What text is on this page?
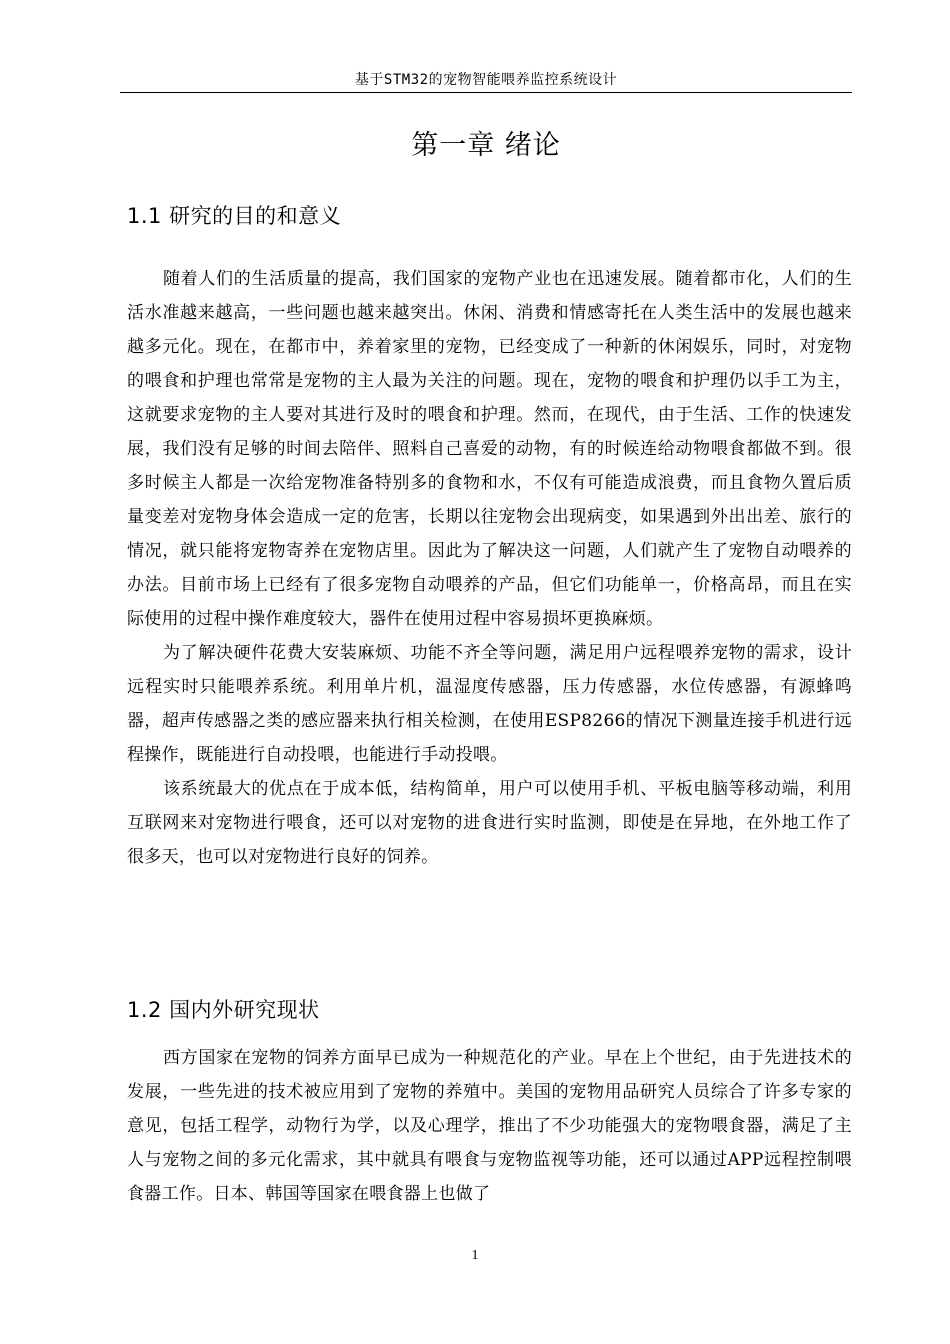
基于STM32的宠物智能喂养监控系统设计
第一章 绪论
1.1 研究的目的和意义

随着人们的生活质量的提高，我们国家的宠物产业也在迅速发展。随着都市化，人们的生活水准越来越高，一些问题也越来越突出。休闲、消费和情感寄托在人类生活中的发展也越来越多元化。现在，在都市中，养着家里的宠物，已经变成了一种新的休闲娱乐，同时，对宠物的喂食和护理也常常是宠物的主人最为关注的问题。现在，宠物的喂食和护理仍以手工为主，这就要求宠物的主人要对其进行及时的喂食和护理。然而，在现代，由于生活、工作的快速发展，我们没有足够的时间去陪伴、照料自己喜爱的动物，有的时候连给动物喂食都做不到。很多时候主人都是一次给宠物准备特别多的食物和水，不仅有可能造成浪费，而且食物久置后质量变差对宠物身体会造成一定的危害，长期以往宠物会出现病变，如果遇到外出出差、旅行的情况，就只能将宠物寄养在宠物店里。因此为了解决这一问题，人们就产生了宠物自动喂养的办法。目前市场上已经有了很多宠物自动喂养的产品，但它们功能单一，价格高昂，而且在实际使用的过程中操作难度较大，器件在使用过程中容易损坏更换麻烦。

为了解决硬件花费大安装麻烦、功能不齐全等问题，满足用户远程喂养宠物的需求，设计远程实时只能喂养系统。利用单片机，温湿度传感器，压力传感器，水位传感器，有源蜂鸣器，超声传感器之类的感应器来执行相关检测，在使用ESP8266的情况下测量连接手机进行远程操作，既能进行自动投喂，也能进行手动投喂。

该系统最大的优点在于成本低，结构简单，用户可以使用手机、平板电脑等移动端，利用互联网来对宠物进行喂食，还可以对宠物的进食进行实时监测，即使是在异地，在外地工作了很多天，也可以对宠物进行良好的饲养。

1.2 国内外研究现状

西方国家在宠物的饲养方面早已成为一种规范化的产业。早在上个世纪，由于先进技术的发展，一些先进的技术被应用到了宠物的养殖中。美国的宠物用品研究人员综合了许多专家的意见，包括工程学，动物行为学，以及心理学，推出了不少功能强大的宠物喂食器，满足了主人与宠物之间的多元化需求，其中就具有喂食与宠物监视等功能，还可以通过APP远程控制喂食器工作。日本、韩国等国家在喂食器上也做了

1
